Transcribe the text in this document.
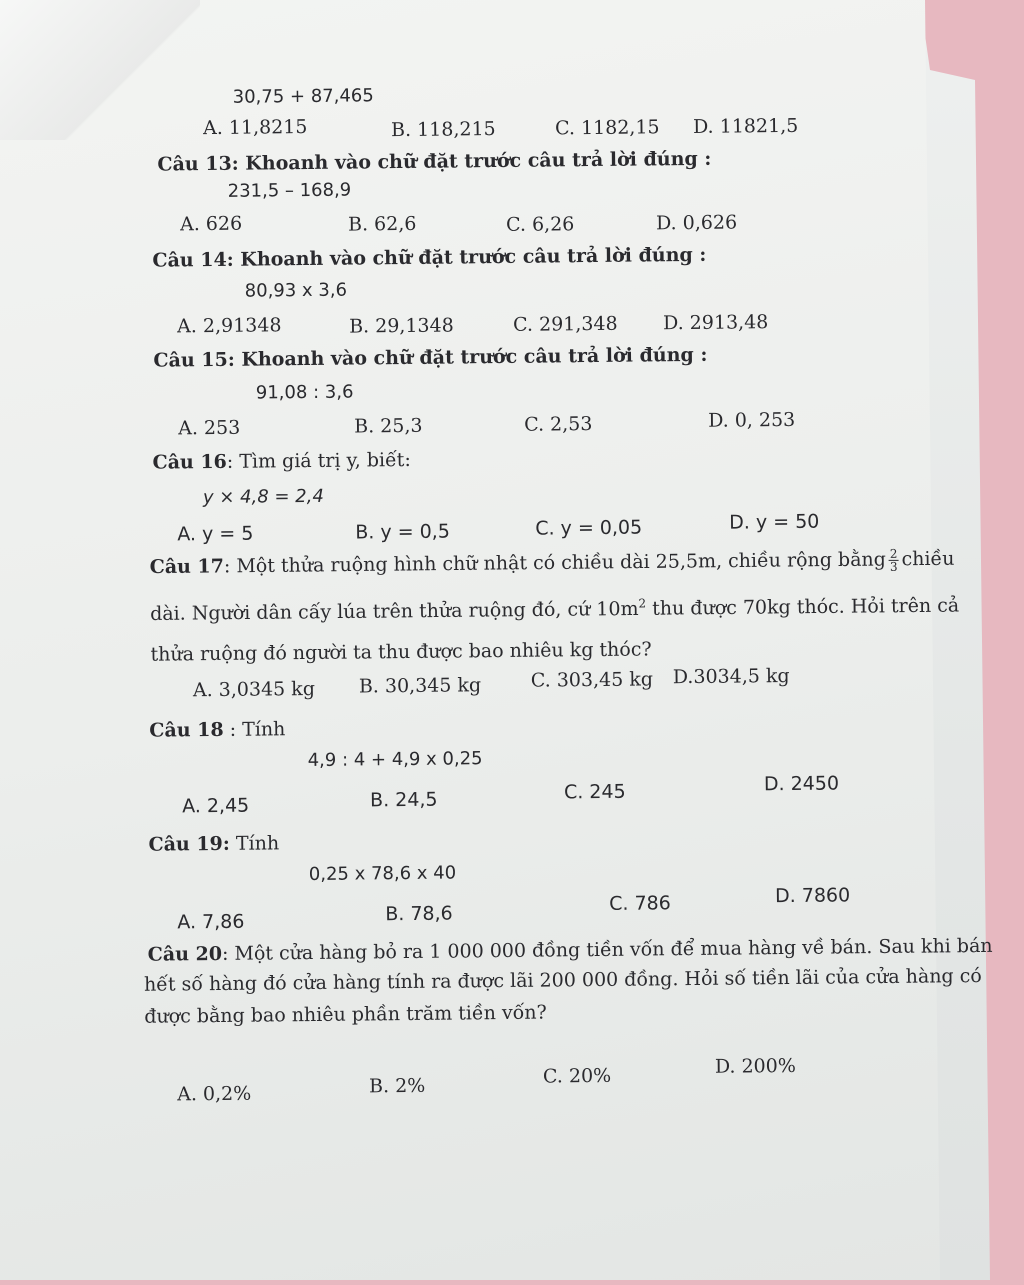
30,75 + 87,465
A. 11,8215	B. 118,215	C. 1182,15 D. 11821,5
Câu 13: Khoanh vào chữ đặt trước câu trả lời đúng :
231,5 – 168,9
A. 626	B. 62,6	C. 6,26	D. 0,626
Câu 14: Khoanh vào chữ đặt trước câu trả lời đúng :
80,93 x 3,6
A. 2,91348	B. 29,1348	C. 291,348 D. 2913,48
Câu 15: Khoanh vào chữ đặt trước câu trả lời đúng :
91,08 : 3,6
A. 253	B. 25,3	C. 2,53	D. 0, 253
Câu 16: Tìm giá trị y, biết:
y × 4,8 = 2,4
A. y = 5	B. y = 0,5	C. y = 0,05	D. y = 50
Câu 17: Một thửa ruộng hình chữ nhật có chiều dài 25,5m, chiều rộng bằng $\frac{2}{3}$ chiều
dài. Người dân cấy lúa trên thửa ruộng đó, cứ $10m^2$ thu được 70kg thóc. Hỏi trên cả
thửa ruộng đó người ta thu được bao nhiêu kg thóc?
A. 3,0345 kg B. 30,345 kg	C. 303,45 kg D.3034,5 kg
Câu 18 : Tính
4,9 : 4 + 4,9 x 0,25
A. 2,45	B. 24,5	C. 245	D. 2450
Câu 19: Tính
0,25 x 78,6 x 40
A. 7,86	B. 78,6	C. 786	D. 7860
Câu 20: Một cửa hàng bỏ ra 1 000 000 đồng tiền vốn để mua hàng về bán. Sau khi bán
hết số hàng đó cửa hàng tính ra được lãi 200 000 đồng. Hỏi số tiền lãi của cửa hàng có
được bằng bao nhiêu phần trăm tiền vốn?
A. 0,2%	B. 2%	C. 20%	D. 200%
